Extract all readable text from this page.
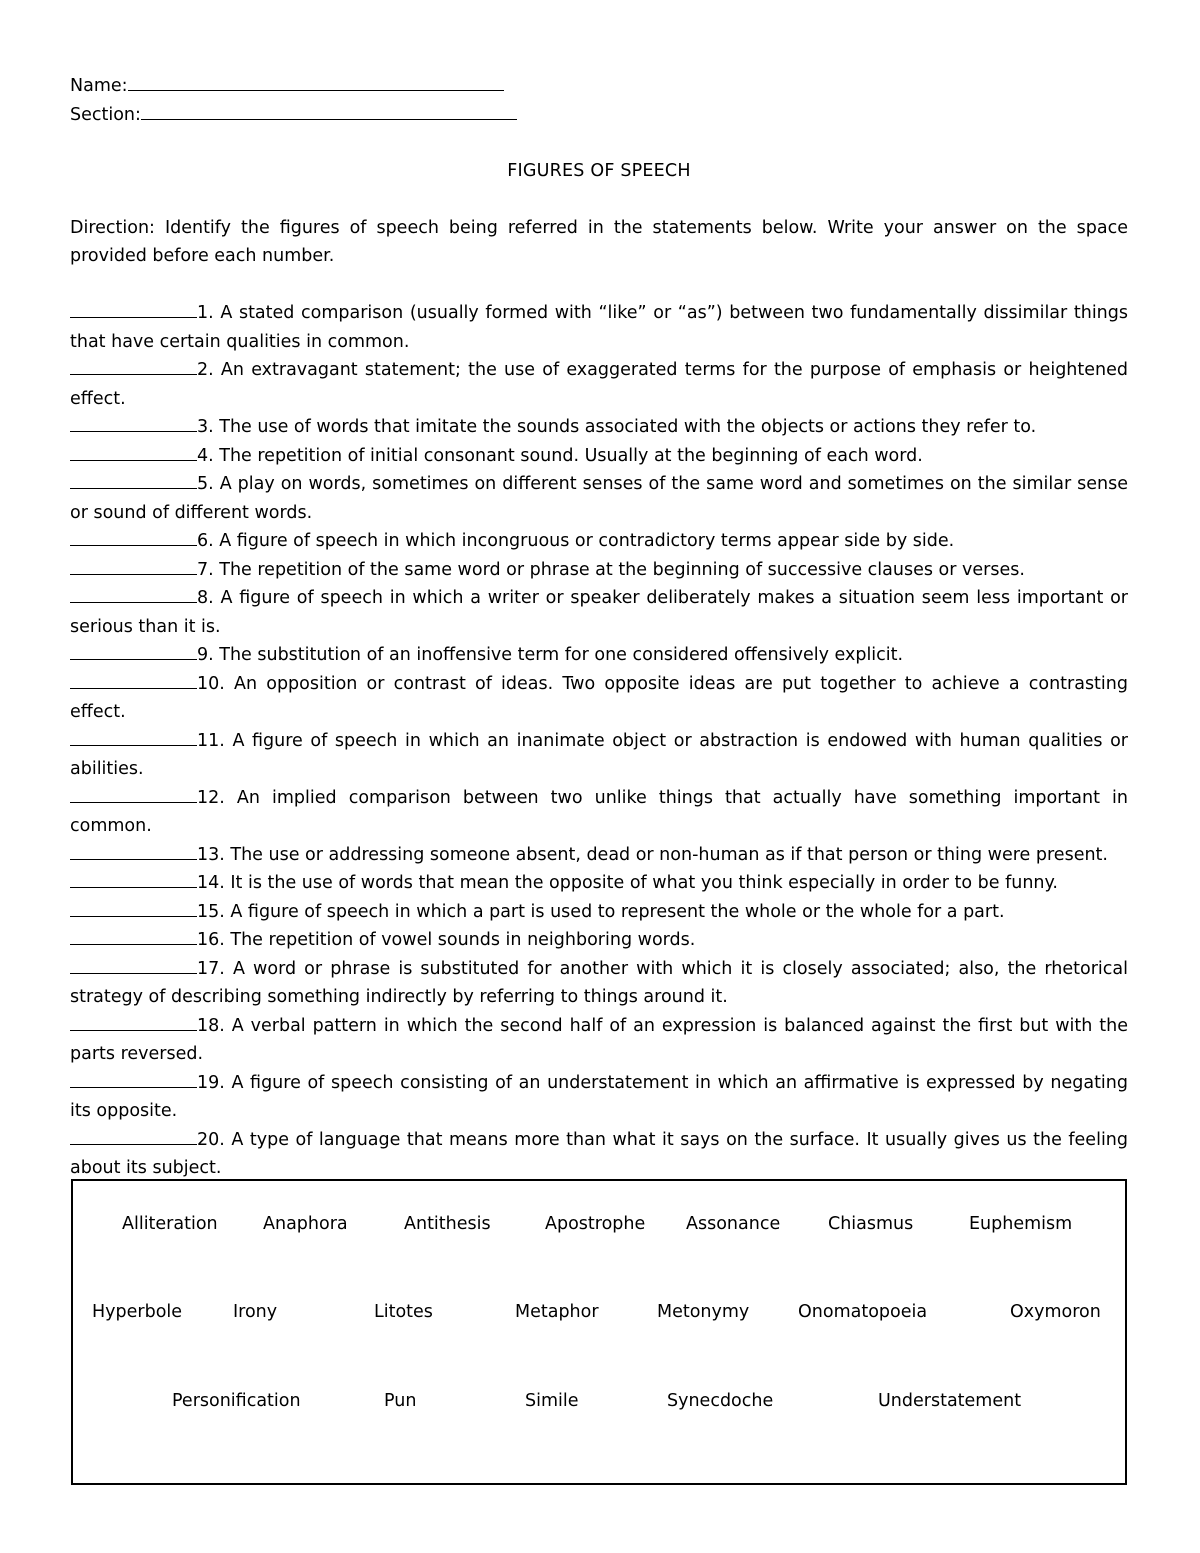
Name:
Section:
FIGURES OF SPEECH
Direction: Identify the figures of speech being referred in the statements below. Write your answer on the space provided before each number.
1. A stated comparison (usually formed with “like” or “as”) between two fundamentally dissimilar things that have certain qualities in common.
2. An extravagant statement; the use of exaggerated terms for the purpose of emphasis or heightened effect.
3. The use of words that imitate the sounds associated with the objects or actions they refer to.
4. The repetition of initial consonant sound. Usually at the beginning of each word.
5. A play on words, sometimes on different senses of the same word and sometimes on the similar sense or sound of different words.
6. A figure of speech in which incongruous or contradictory terms appear side by side.
7. The repetition of the same word or phrase at the beginning of successive clauses or verses.
8. A figure of speech in which a writer or speaker deliberately makes a situation seem less important or serious than it is.
9. The substitution of an inoffensive term for one considered offensively explicit.
10. An opposition or contrast of ideas. Two opposite ideas are put together to achieve a contrasting effect.
11. A figure of speech in which an inanimate object or abstraction is endowed with human qualities or abilities.
12. An implied comparison between two unlike things that actually have something important in common.
13. The use or addressing someone absent, dead or non-human as if that person or thing were present.
14. It is the use of words that mean the opposite of what you think especially in order to be funny.
15. A figure of speech in which a part is used to represent the whole or the whole for a part.
16. The repetition of vowel sounds in neighboring words.
17. A word or phrase is substituted for another with which it is closely associated; also, the rhetorical strategy of describing something indirectly by referring to things around it.
18. A verbal pattern in which the second half of an expression is balanced against the first but with the parts reversed.
19. A figure of speech consisting of an understatement in which an affirmative is expressed by negating its opposite.
20. A type of language that means more than what it says on the surface. It usually gives us the feeling about its subject.
Alliteration	Anaphora	Antithesis	Apostrophe Assonance	Chiasmus	Euphemism
Hyperbole	Irony	Litotes	Metaphor	Metonymy	Onomatopoeia	Oxymoron
Personification	Pun	Simile	Synecdoche	Understatement
